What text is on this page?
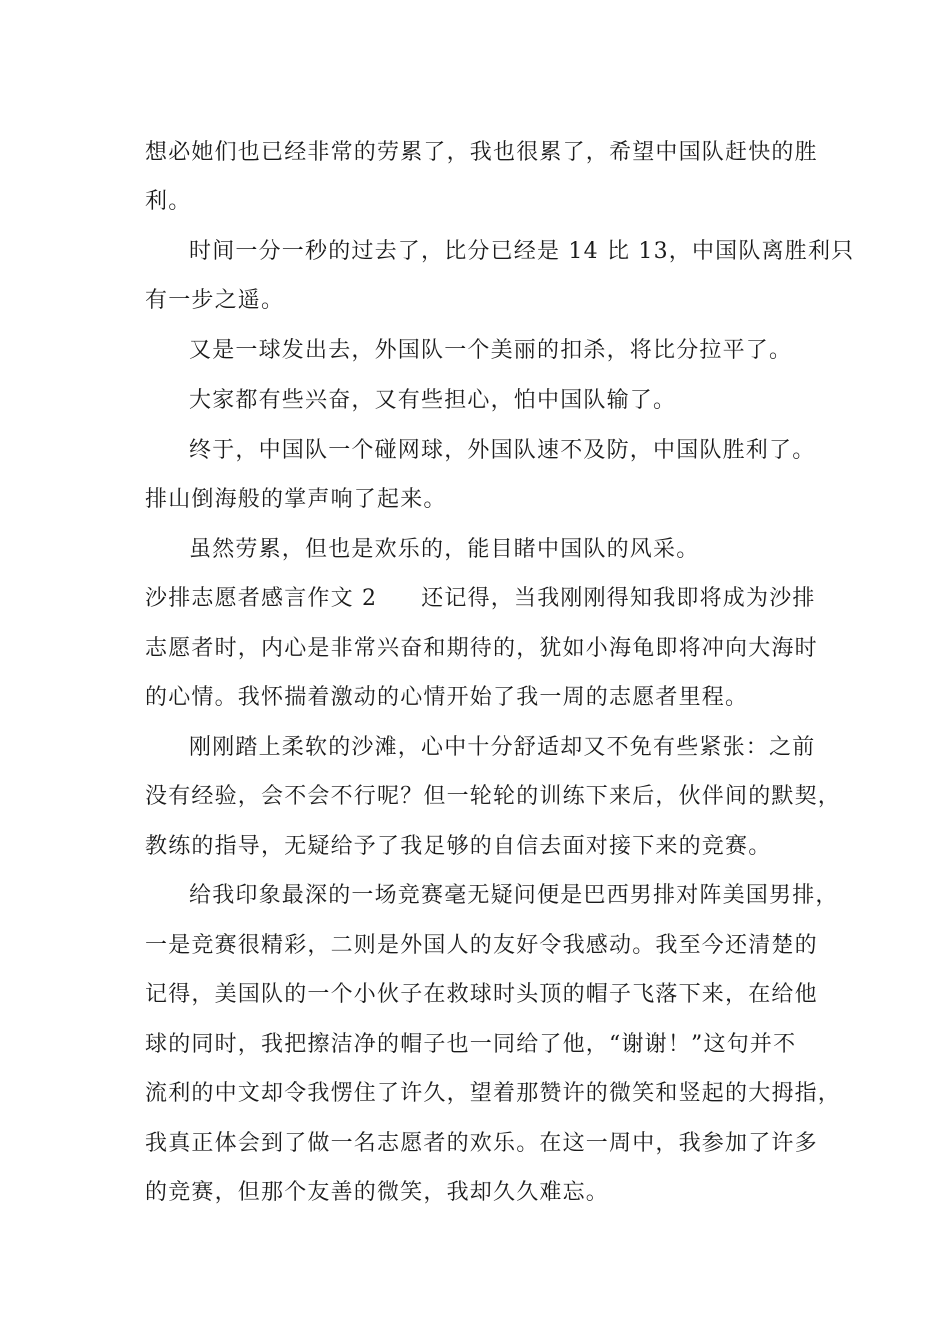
想必她们也已经非常的劳累了，我也很累了，希望中国队赶快的胜

利。

时间一分一秒的过去了，比分已经是 14 比 13，中国队离胜利只

有一步之遥。

又是一球发出去，外国队一个美丽的扣杀，将比分拉平了。

大家都有些兴奋，又有些担心，怕中国队输了。

终于，中国队一个碰网球，外国队速不及防，中国队胜利了。

排山倒海般的掌声响了起来。

虽然劳累，但也是欢乐的，能目睹中国队的风采。

沙排志愿者感言作文 2 还记得，当我刚刚得知我即将成为沙排

志愿者时，内心是非常兴奋和期待的，犹如小海龟即将冲向大海时

的心情。我怀揣着激动的心情开始了我一周的志愿者里程。

刚刚踏上柔软的沙滩，心中十分舒适却又不免有些紧张：之前

没有经验，会不会不行呢？但一轮轮的训练下来后，伙伴间的默契，

教练的指导，无疑给予了我足够的自信去面对接下来的竞赛。

给我印象最深的一场竞赛毫无疑问便是巴西男排对阵美国男排，

一是竞赛很精彩，二则是外国人的友好令我感动。我至今还清楚的

记得，美国队的一个小伙子在救球时头顶的帽子飞落下来，在给他

球的同时，我把擦洁净的帽子也一同给了他，“谢谢！”这句并不

流利的中文却令我愣住了许久，望着那赞许的微笑和竖起的大拇指，

我真正体会到了做一名志愿者的欢乐。在这一周中，我参加了许多

的竞赛，但那个友善的微笑，我却久久难忘。
